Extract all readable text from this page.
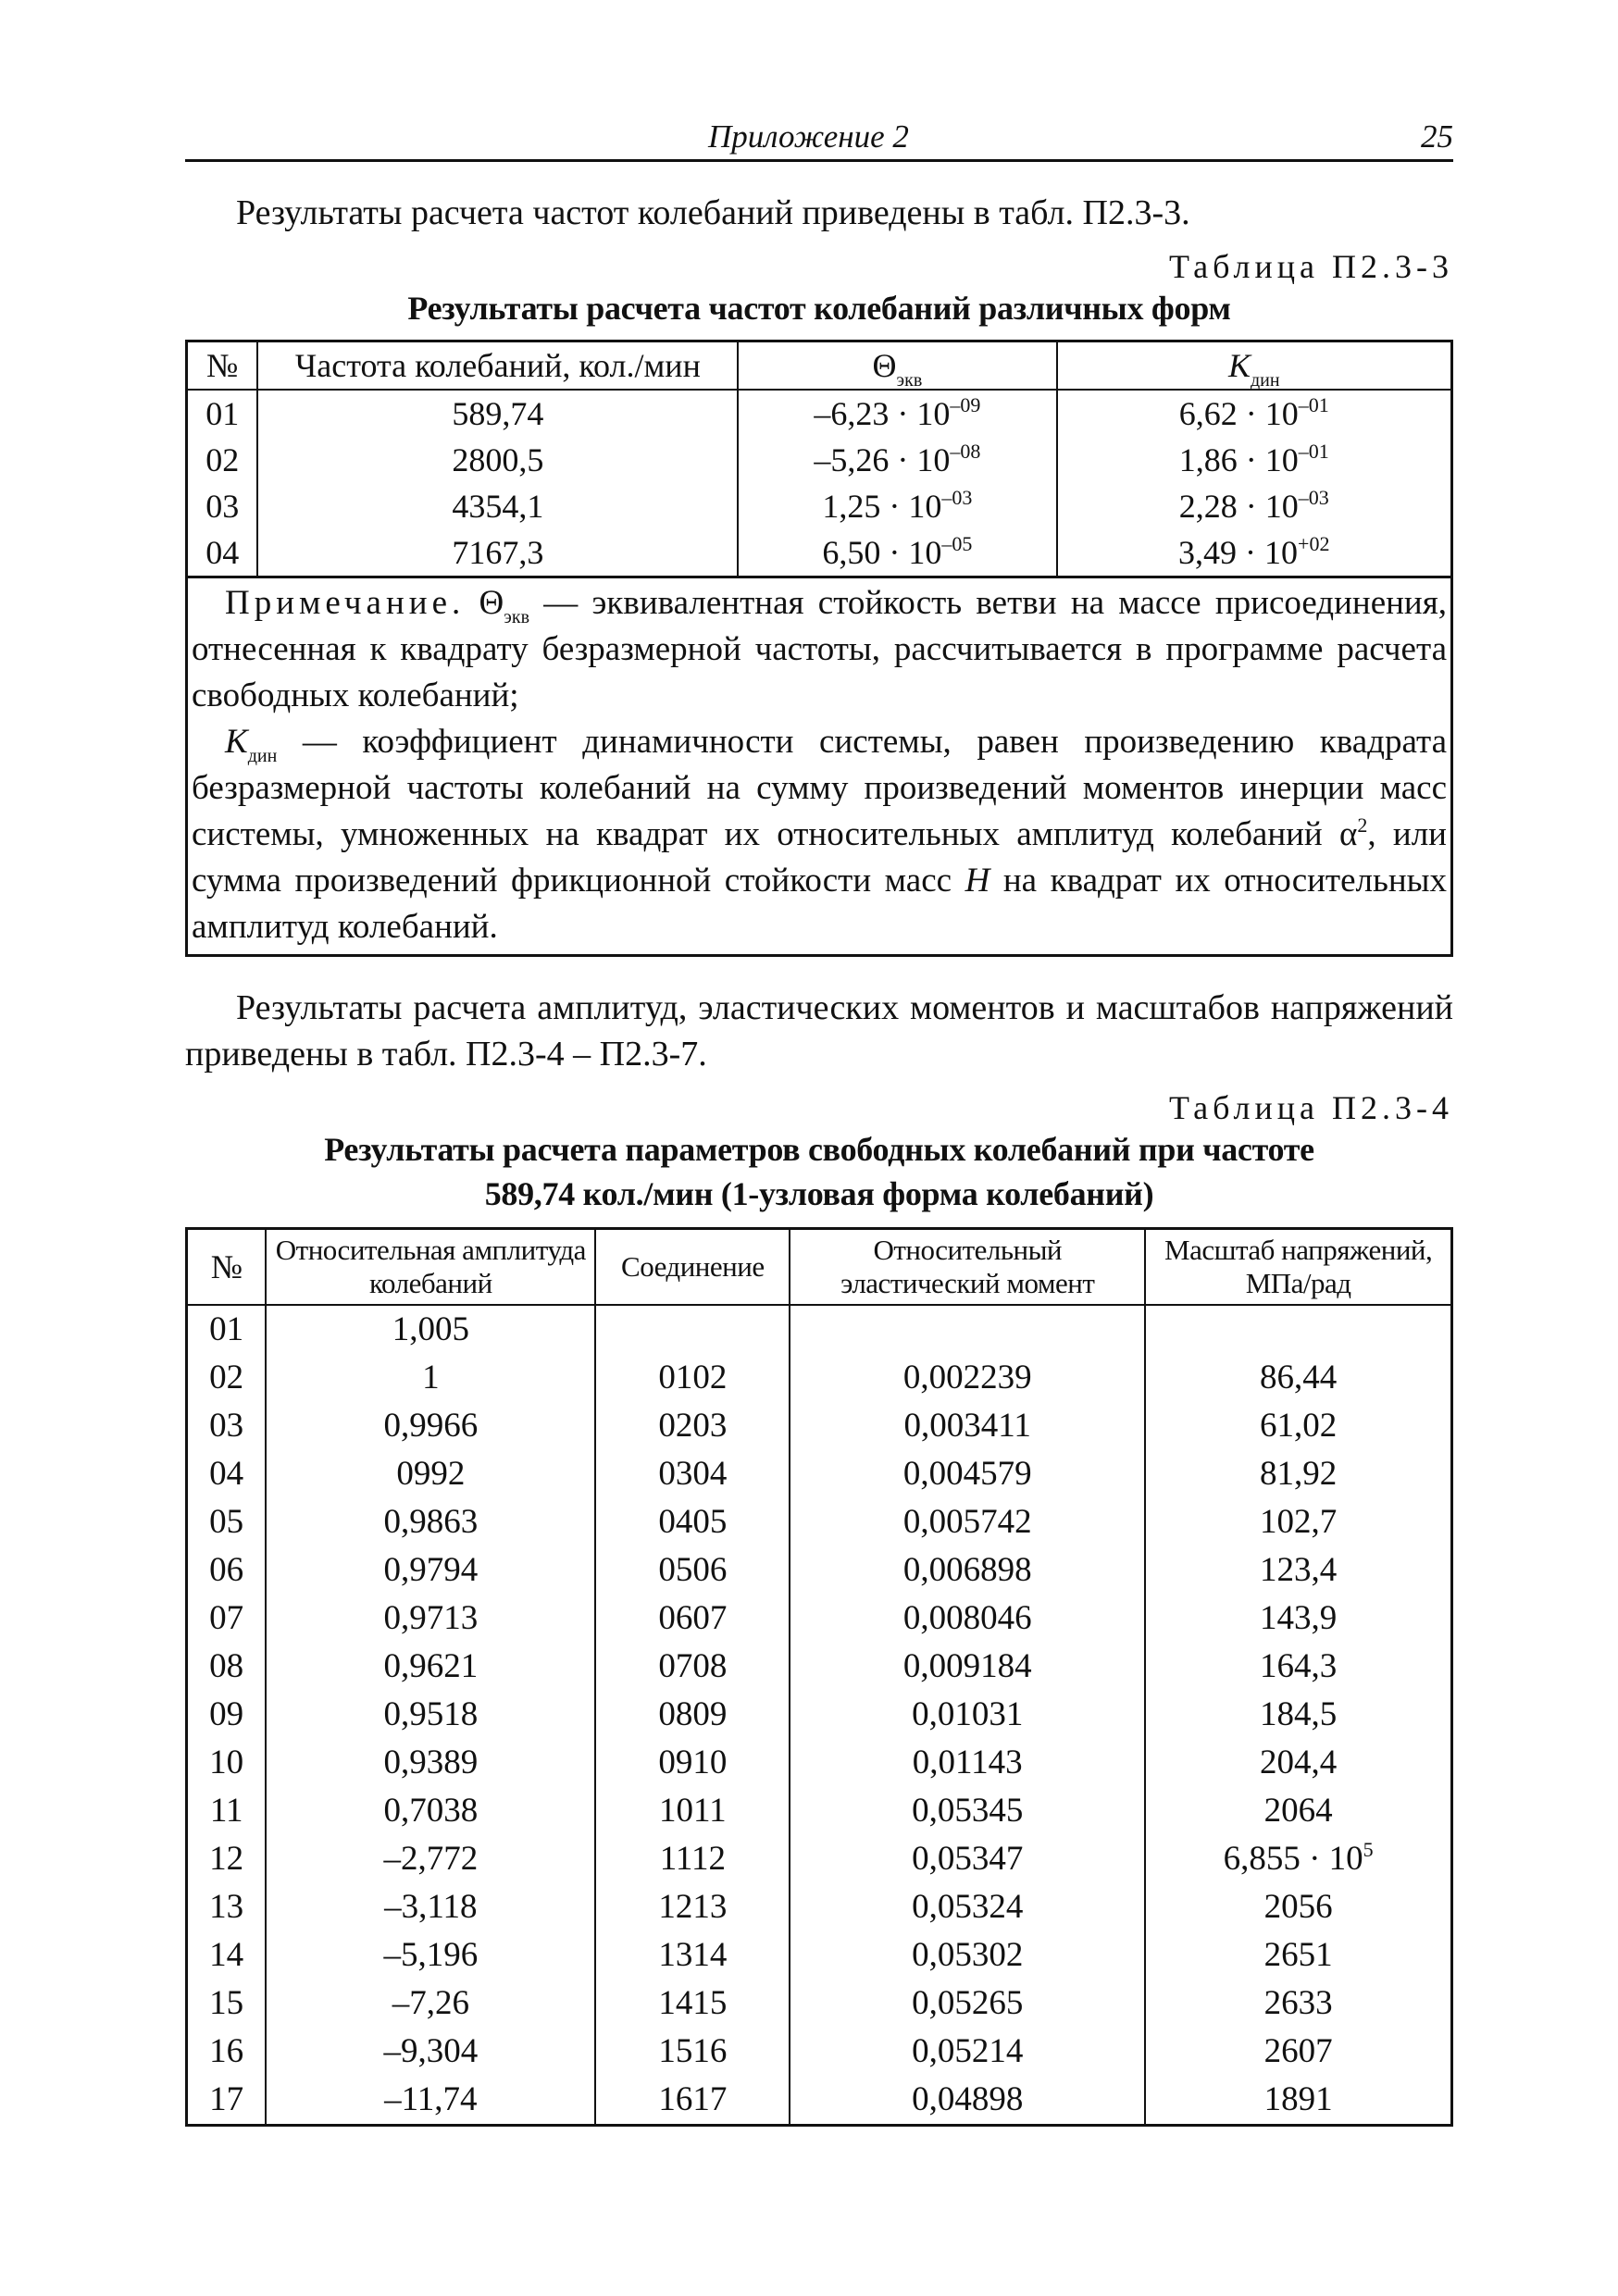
Приложение 2	25
Результаты расчета частот колебаний приведены в табл. П2.3-3.
Таблица П2.3-3
Результаты расчета частот колебаний различных форм
№	Частота колебаний, кол./мин	$\Theta_{экв}$	$K_{дин}$
01	589,74	$-6,23 \cdot 10^{-09}$	$6,62 \cdot 10^{-01}$
02	2800,5	$-5,26 \cdot 10^{-08}$	$1,86 \cdot 10^{-01}$
03	4354,1	$1,25 \cdot 10^{-03}$	$2,28 \cdot 10^{-03}$
04	7167,3	$6,50 \cdot 10^{-05}$	$3,49 \cdot 10^{+02}$
Примечание. $\Theta_{экв}$ — эквивалентная стойкость ветви на массе присоединения, отнесенная к квадрату безразмерной частоты, рассчитывается в программе расчета свободных колебаний;
$K_{дин}$ — коэффициент динамичности системы, равен произведению квадрата безразмерной частоты колебаний на сумму произведений моментов инерции масс системы, умноженных на квадрат их относительных амплитуд колебаний $\alpha^2$, или сумма произведений фрикционной стойкости масс H на квадрат их относительных амплитуд колебаний.			
Результаты расчета амплитуд, эластических моментов и масштабов напряжений приведены в табл. П2.3-4 – П2.3-7.
Таблица П2.3-4
Результаты расчета параметров свободных колебаний при частоте
589,74 кол./мин (1-узловая форма колебаний)
№	Относительная амплитуда колебаний	Соединение	Относительный эластический момент	Масштаб напряжений, МПа/рад
01	1,005			
02	1	0102	0,002239	86,44
03	0,9966	0203	0,003411	61,02
04	0992	0304	0,004579	81,92
05	0,9863	0405	0,005742	102,7
06	0,9794	0506	0,006898	123,4
07	0,9713	0607	0,008046	143,9
08	0,9621	0708	0,009184	164,3
09	0,9518	0809	0,01031	184,5
10	0,9389	0910	0,01143	204,4
11	0,7038	1011	0,05345	2064
12	–2,772	1112	0,05347	$6,855 \cdot 10^5$
13	–3,118	1213	0,05324	2056
14	–5,196	1314	0,05302	2651
15	–7,26	1415	0,05265	2633
16	–9,304	1516	0,05214	2607
17	–11,74	1617	0,04898	1891
